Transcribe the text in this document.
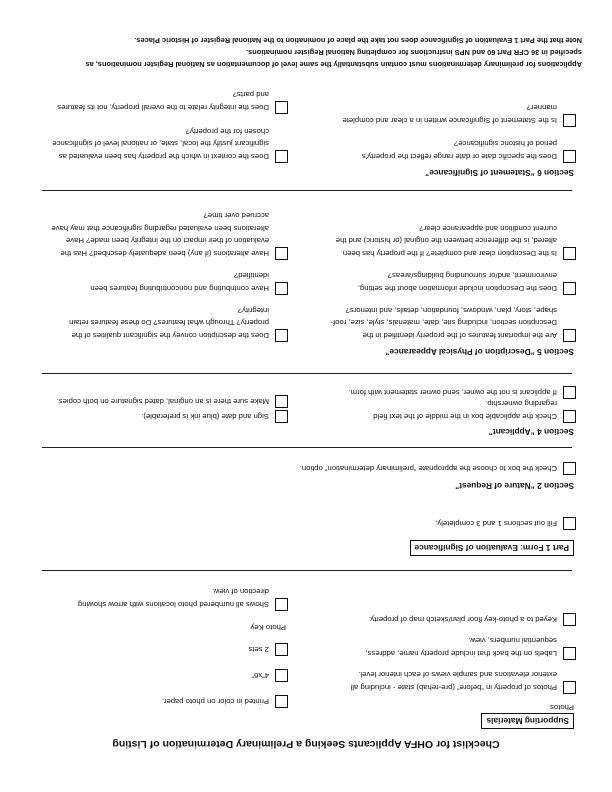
Checklist for OHFA Applicants Seeking a Preliminary Determination of Listing
Supporting Materials
Photos
Photos of property in “before” (pre-rehab) state - including all
exterior elevations and sample views of each interior level.
Labels on the back that include property name, address,
sequential numbers, view.
Keyed to a photo-key floor plan/sketch map of property.
Printed in color on photo paper.
4”x6”
2 sets
Photo Key
Shows all numbered photo locations with arrow showing
direction of view.
Part 1 Form: Evaluation of Significance
Fill out sections 1 and 3 completely.
Section 2 “Nature of Request”
Check the box to choose the appropriate “preliminary determination” option.
Section 4 “Applicant”
Check the applicable box in the middle of the text field
regarding ownership.
If applicant is not the owner, send owner statement with form.
Sign and date (blue ink is preferable).
Make sure there is an original, dated signature on both copies.
Section 5 “Description of Physical Appearance”
Are the important features of the property identified in the
Description section, including site, date, materials, style, size, roof-
shape, story, plan, windows, foundation, details, and interiors?
Does the Description include information about the setting,
environment, and/or surrounding buildings/areas?
Is the Description clear and complete? If the property has been
altered, is the difference between the original (or historic) and the
current condition and appearance clear?
Does the description convey the significant qualities of the
property? Through what features? Do these features retain
integrity?
Have contributing and noncontributing features been
identified?
Have alterations (if any) been adequately described? Has the
evaluation of their impact on the integrity been made? Have
alterations been evaluated regarding significance that may have
accrued over time?
Section 6 “Statement of Significance”
Does the specific date or date range reflect the property’s
period of historic significance?
Is the Statement of Significance written in a clear and complete
manner?
Does the context in which the property has been evaluated as
significant justify the local, state, or national level of significance
chosen for the property?
Does the integrity relate to the overall property, not its features
and parts?
Applications for preliminary determinations must contain substantially the same level of documentation as National Register nominations, as
specified in 36 CFR Part 60 and NPS instructions for completing National Register nominations.
Note that the Part 1 Evaluation of Significance does not take the place of nomination to the National Register of Historic Places.
